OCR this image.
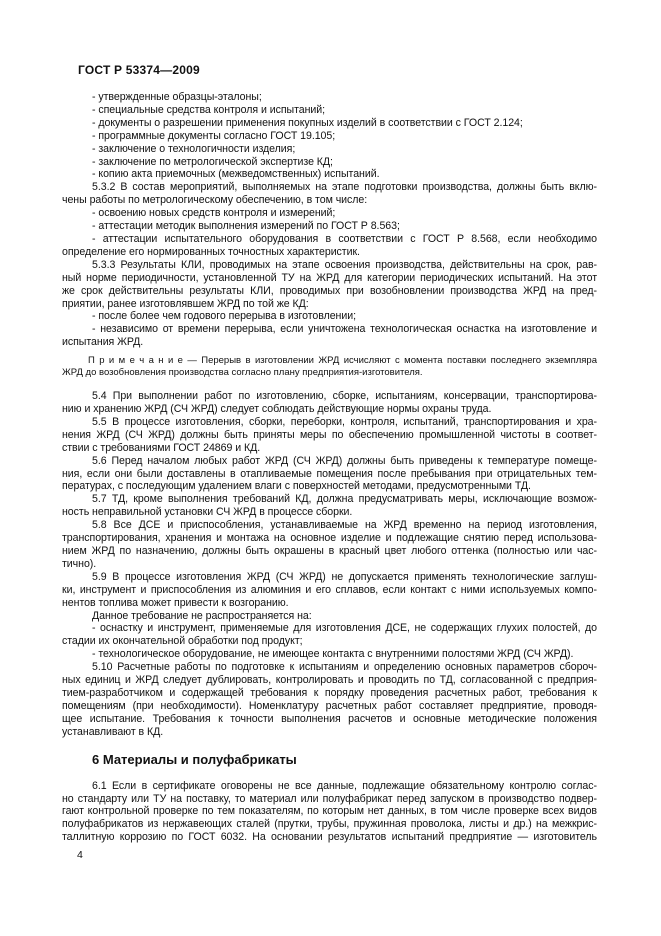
ГОСТ Р 53374—2009
- утвержденные образцы-эталоны;
- специальные средства контроля и испытаний;
- документы о разрешении применения покупных изделий в соответствии с ГОСТ 2.124;
- программные документы согласно ГОСТ 19.105;
- заключение о технологичности изделия;
- заключение по метрологической экспертизе КД;
- копию акта приемочных (межведомственных) испытаний.
5.3.2 В состав мероприятий, выполняемых на этапе подготовки производства, должны быть вклю-
чены работы по метрологическому обеспечению, в том числе:
- освоению новых средств контроля и измерений;
- аттестации методик выполнения измерений по ГОСТ Р 8.563;
- аттестации испытательного оборудования в соответствии с ГОСТ Р 8.568, если необходимо
определение его нормированных точностных характеристик.
5.3.3 Результаты КЛИ, проводимых на этапе освоения производства, действительны на срок, рав-
ный норме периодичности, установленной ТУ на ЖРД для категории периодических испытаний. На этот
же срок действительны результаты КЛИ, проводимых при возобновлении производства ЖРД на пред-
приятии, ранее изготовлявшем ЖРД по той же КД:
- после более чем годового перерыва в изготовлении;
- независимо от времени перерыва, если уничтожена технологическая оснастка на изготовление и
испытания ЖРД.
П р и м е ч а н и е — Перерыв в изготовлении ЖРД исчисляют с момента поставки последнего экземпляра
ЖРД до возобновления производства согласно плану предприятия-изготовителя.
5.4 При выполнении работ по изготовлению, сборке, испытаниям, консервации, транспортирова-
нию и хранению ЖРД (СЧ ЖРД) следует соблюдать действующие нормы охраны труда.
5.5 В процессе изготовления, сборки, переборки, контроля, испытаний, транспортирования и хра-
нения ЖРД (СЧ ЖРД) должны быть приняты меры по обеспечению промышленной чистоты в соответ-
ствии с требованиями ГОСТ 24869 и КД.
5.6 Перед началом любых работ ЖРД (СЧ ЖРД) должны быть приведены к температуре помеще-
ния, если они были доставлены в отапливаемые помещения после пребывания при отрицательных тем-
пературах, с последующим удалением влаги с поверхностей методами, предусмотренными ТД.
5.7 ТД, кроме выполнения требований КД, должна предусматривать меры, исключающие возмож-
ность неправильной установки СЧ ЖРД в процессе сборки.
5.8 Все ДСЕ и приспособления, устанавливаемые на ЖРД временно на период изготовления,
транспортирования, хранения и монтажа на основное изделие и подлежащие снятию перед использова-
нием ЖРД по назначению, должны быть окрашены в красный цвет любого оттенка (полностью или час-
тично).
5.9 В процессе изготовления ЖРД (СЧ ЖРД) не допускается применять технологические заглуш-
ки, инструмент и приспособления из алюминия и его сплавов, если контакт с ними используемых компо-
нентов топлива может привести к возгоранию.
Данное требование не распространяется на:
- оснастку и инструмент, применяемые для изготовления ДСЕ, не содержащих глухих полостей, до
стадии их окончательной обработки под продукт;
- технологическое оборудование, не имеющее контакта с внутренними полостями ЖРД (СЧ ЖРД).
5.10 Расчетные работы по подготовке к испытаниям и определению основных параметров сбороч-
ных единиц и ЖРД следует дублировать, контролировать и проводить по ТД, согласованной с предприя-
тием-разработчиком и содержащей требования к порядку проведения расчетных работ, требования к
помещениям (при необходимости). Номенклатуру расчетных работ составляет предприятие, проводя-
щее испытание. Требования к точности выполнения расчетов и основные методические положения
устанавливают в КД.
6 Материалы и полуфабрикаты
6.1 Если в сертификате оговорены не все данные, подлежащие обязательному контролю соглас-
но стандарту или ТУ на поставку, то материал или полуфабрикат перед запуском в производство подвер-
гают контрольной проверке по тем показателям, по которым нет данных, в том числе проверке всех видов
полуфабрикатов из нержавеющих сталей (прутки, трубы, пружинная проволока, листы и др.) на межкрис-
таллитную коррозию по ГОСТ 6032. На основании результатов испытаний предприятие — изготовитель
4
